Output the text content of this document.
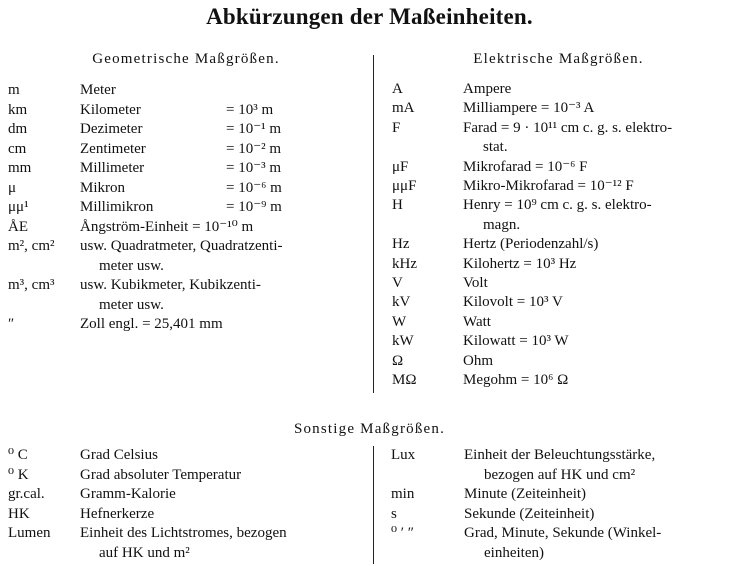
Abkürzungen der Maßeinheiten.
Geometrische Maßgrößen.	Elektrische Maßgrößen.
m	Meter
km	Kilometer	= 10³ m
dm	Dezimeter	= 10⁻¹ m
cm	Zentimeter	= 10⁻² m
mm	Millimeter	= 10⁻³ m
μ	Mikron	= 10⁻⁶ m
μμ¹	Millimikron	= 10⁻⁹ m
ÅE	Ångström-Einheit = 10⁻¹⁰ m
m², cm² usw. Quadratmeter, Quadratzenti-
meter usw.
m³, cm³ usw. Kubikmeter, Kubikzenti-
meter usw.
″	Zoll engl. = 25,401 mm
A	Ampere
mA	Milliampere = 10⁻³ A
F	Farad = 9 · 10¹¹ cm c. g. s. elektro-
stat.
μF	Mikrofarad = 10⁻⁶ F
μμF	Mikro-Mikrofarad = 10⁻¹² F
H	Henry = 10⁹ cm c. g. s. elektro-
magn.
Hz	Hertz (Periodenzahl/s)
kHz	Kilohertz = 10³ Hz
V	Volt
kV	Kilovolt = 10³ V
W	Watt
kW	Kilowatt = 10³ W
Ω	Ohm
MΩ	Megohm = 10⁶ Ω
Sonstige Maßgrößen.
⁰ C	Grad Celsius
⁰ K	Grad absoluter Temperatur
gr.cal. Gramm-Kalorie
HK	Hefnerkerze
Lumen Einheit des Lichtstromes, bezogen
auf HK und m²
Lux	Einheit der Beleuchtungsstärke,
bezogen auf HK und cm²
min	Minute (Zeiteinheit)
s	Sekunde (Zeiteinheit)
⁰ ′ ″	Grad, Minute, Sekunde (Winkel-
einheiten)
